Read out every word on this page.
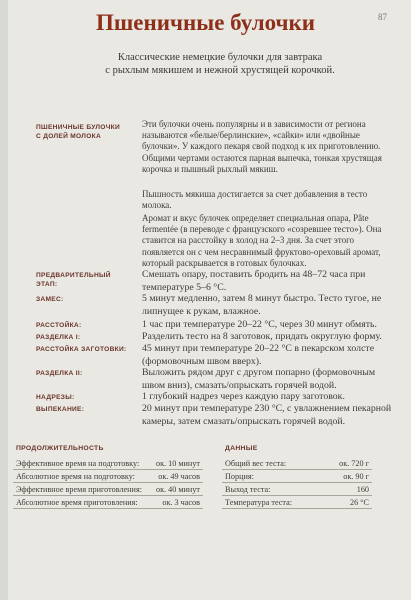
87
Пшеничные булочки
Классические немецкие булочки для завтрака
с рыхлым мякишем и нежной хрустящей корочкой.
ПШЕНИЧНЫЕ БУЛОЧКИ
С ДОЛЕЙ МОЛОКА
Эти булочки очень популярны и в зависимости от региона называются «белые/берлинские», «сайки» или «двойные булочки». У каждого пекаря свой подход к их приготовлению. Общими чертами остаются парная выпечка, тонкая хрустящая корочка и пышный рыхлый мякиш.
Пышность мякиша достигается за счет добавления в тесто молока.
Аромат и вкус булочек определяет специальная опара, Pâte fermentée (в переводе с французского «созревшее тесто»). Она ставится на расстойку в холод на 2–3 дня. За счет этого появляется он с чем несравнимый фруктово-ореховый аромат, который раскрывается в готовых булочках.
ПРЕДВАРИТЕЛЬНЫЙ ЭТАП:
Смешать опару, поставить бродить на 48–72 часа при температуре 5–6 °С.
ЗАМЕС:	5 минут медленно, затем 8 минут быстро. Тесто тугое, не липнущее к рукам, влажное.
РАССТОЙКА:	1 час при температуре 20–22 °С, через 30 минут обмять.
РАЗДЕЛКА I:	Разделить тесто на 8 заготовок, придать округлую форму.
РАССТОЙКА ЗАГОТОВКИ:	45 минут при температуре 20–22 °С в пекарском холсте (формовочным швом вверх).
РАЗДЕЛКА II:	Выложить рядом друг с другом попарно (формовочным швом вниз), смазать/опрыскать горячей водой.
НАДРЕЗЫ:	1 глубокий надрез через каждую пару заготовок.
ВЫПЕКАНИЕ:	20 минут при температуре 230 °С, с увлажнением пекарной камеры, затем смазать/опрыскать горячей водой.
ПРОДОЛЖИТЕЛЬНОСТЬ
Эффективное время на подготовку:	ок. 10 минут
Абсолютное время на подготовку:	ок. 49 часов
Эффективное время приготовления:	ок. 40 минут
Абсолютное время приготовления:	ок. 3 часов
ДАННЫЕ
Общий вес теста:	ок. 720 г
Порция:	ок. 90 г
Выход теста:	160
Температура теста:	26 °С
